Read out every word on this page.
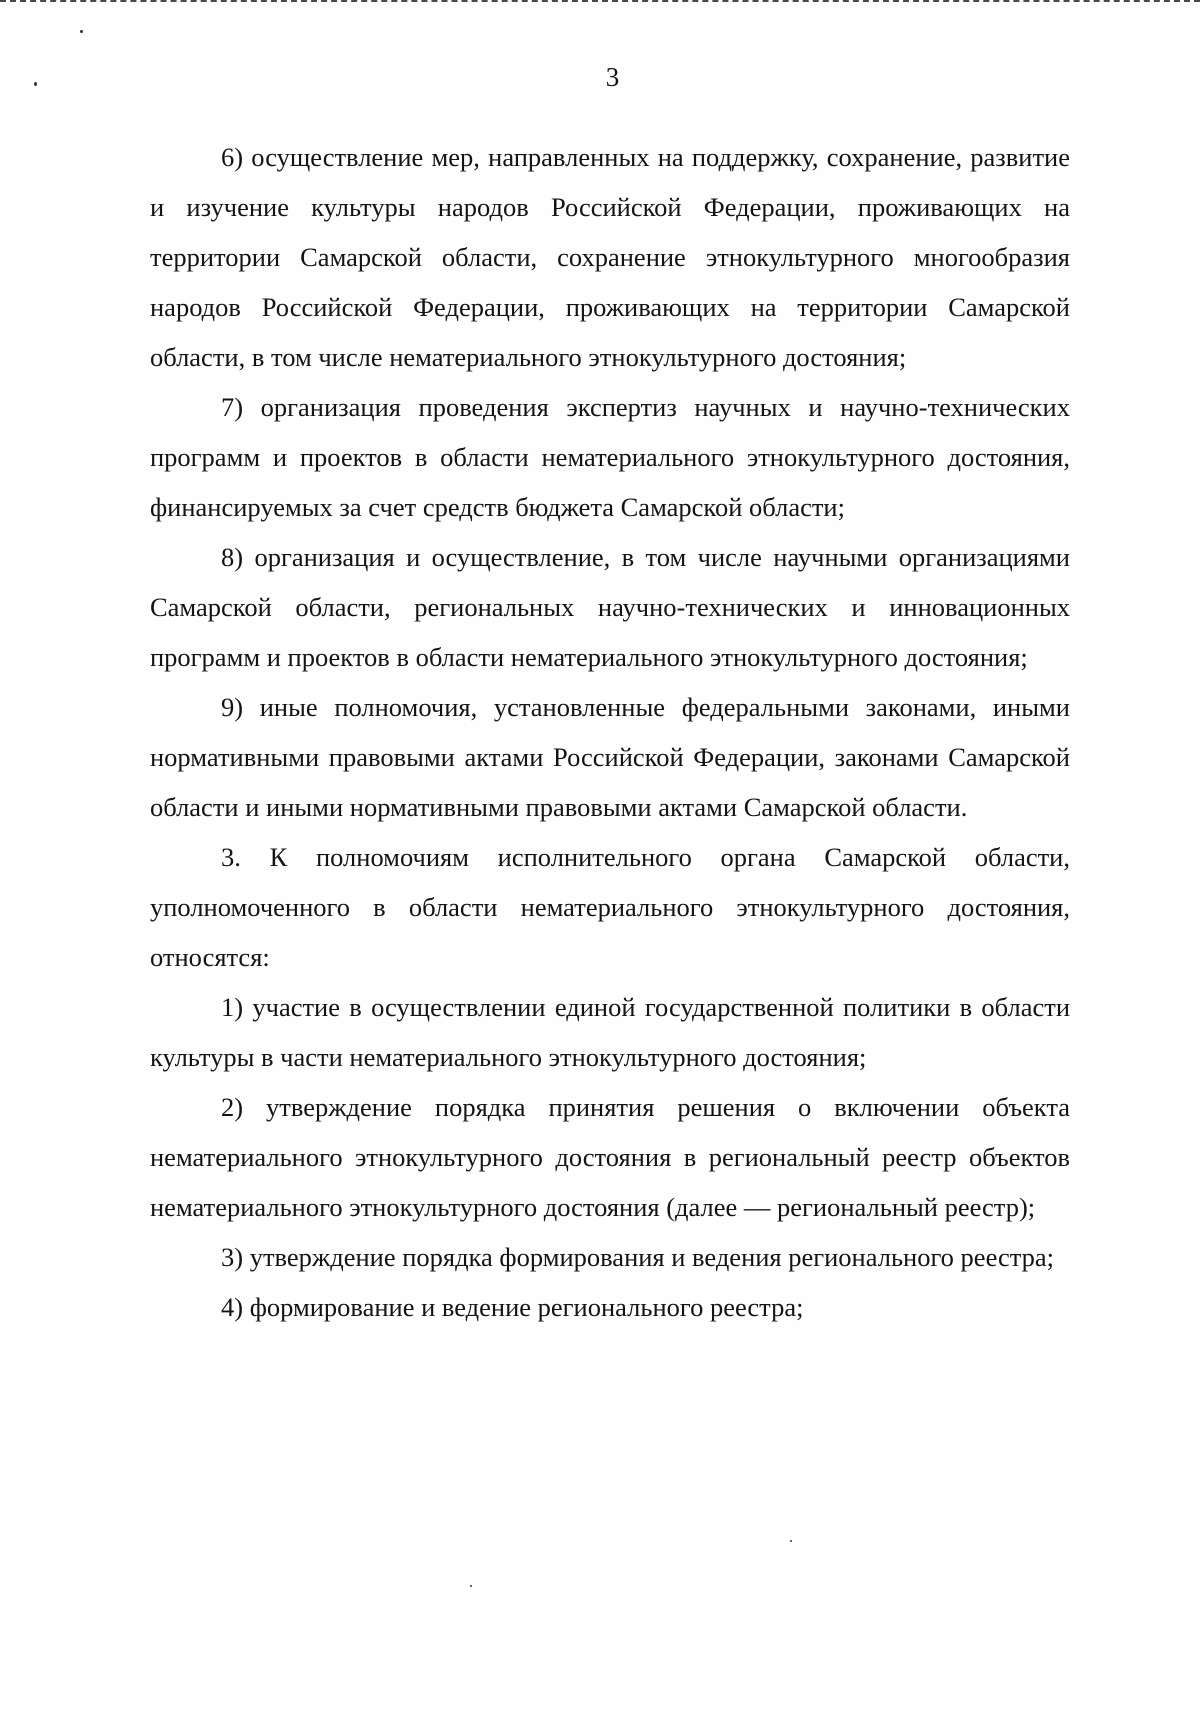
3

6) осуществление мер, направленных на поддержку, сохранение, развитие и изучение культуры народов Российской Федерации, проживающих на территории Самарской области, сохранение этнокультурного многообразия народов Российской Федерации, проживающих на территории Самарской области, в том числе нематериального этнокультурного достояния;

7) организация проведения экспертиз научных и научно-технических программ и проектов в области нематериального этнокультурного достояния, финансируемых за счет средств бюджета Самарской области;

8) организация и осуществление, в том числе научными организациями Самарской области, региональных научно-технических и инновационных программ и проектов в области нематериального этнокультурного достояния;

9) иные полномочия, установленные федеральными законами, иными нормативными правовыми актами Российской Федерации, законами Самарской области и иными нормативными правовыми актами Самарской области.

3. К полномочиям исполнительного органа Самарской области, уполномоченного в области нематериального этнокультурного достояния, относятся:

1) участие в осуществлении единой государственной политики в области культуры в части нематериального этнокультурного достояния;

2) утверждение порядка принятия решения о включении объекта нематериального этнокультурного достояния в региональный реестр объектов нематериального этнокультурного достояния (далее — региональный реестр);

3) утверждение порядка формирования и ведения регионального реестра;

4) формирование и ведение регионального реестра;
